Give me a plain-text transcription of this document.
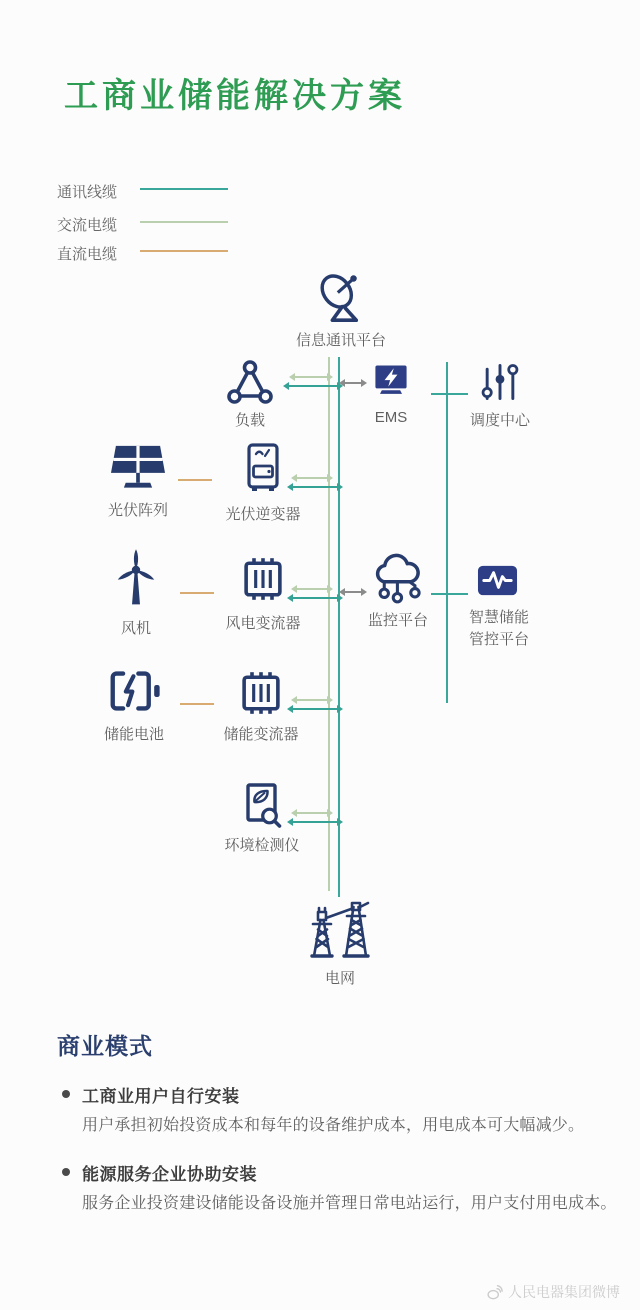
工商业储能解决方案
通讯线缆
交流电缆
直流电缆
信息通讯平台
负载	EMS	调度中心
光伏阵列	光伏逆变器
风机	风电变流器	监控平台	智慧储能
管控平台
储能电池	储能变流器
环境检测仪
电网
商业模式
工商业用户自行安装
用户承担初始投资成本和每年的设备维护成本，用电成本可大幅减少。
能源服务企业协助安装
服务企业投资建设储能设备设施并管理日常电站运行，用户支付用电成本。
人民电器集团微博
